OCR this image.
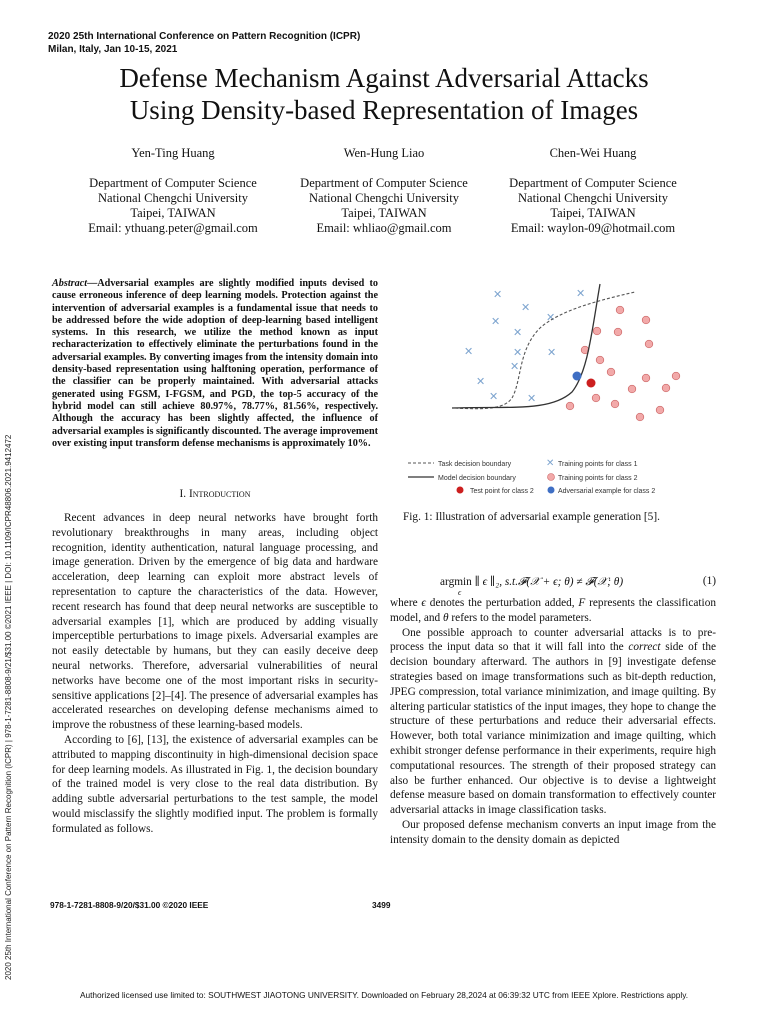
2020 25th International Conference on Pattern Recognition (ICPR)
Milan, Italy, Jan 10-15, 2021
Defense Mechanism Against Adversarial Attacks
Using Density-based Representation of Images
Yen-Ting Huang
Department of Computer Science
National Chengchi University
Taipei, TAIWAN
Email: ythuang.peter@gmail.com
Wen-Hung Liao
Department of Computer Science
National Chengchi University
Taipei, TAIWAN
Email: whliao@gmail.com
Chen-Wei Huang
Department of Computer Science
National Chengchi University
Taipei, TAIWAN
Email: waylon-09@hotmail.com
2020 25th International Conference on Pattern Recognition (ICPR) | 978-1-7281-8808-9/21/$31.00 ©2021 IEEE | DOI: 10.1109/ICPR48806.2021.9412472

Abstract—Adversarial examples are slightly modified inputs devised to cause erroneous inference of deep learning models. Protection against the intervention of adversarial examples is a fundamental issue that needs to be addressed before the wide adoption of deep-learning based intelligent systems. In this research, we utilize the method known as input recharacterization to effectively eliminate the perturbations found in the adversarial examples. By converting images from the intensity domain into density-based representation using halftoning operation, performance of the classifier can be properly maintained. With adversarial attacks generated using FGSM, I-FGSM, and PGD, the top-5 accuracy of the hybrid model can still achieve 80.97%, 78.77%, 81.56%, respectively. Although the accuracy has been slightly affected, the influence of adversarial examples is significantly discounted. The average improvement over existing input transform defense mechanisms is approximately 10%.

I. Introduction

Recent advances in deep neural networks have brought forth revolutionary breakthroughs in many areas, including object recognition, identity authentication, natural language processing, and image generation. Driven by the emergence of big data and hardware acceleration, deep learning can exploit more abstract levels of representation to capture the characteristics of the data. However, recent research has found that deep neural networks are susceptible to adversarial examples [1], which are produced by adding visually imperceptible perturbations to image pixels. Adversarial examples are not easily detectable by humans, but they can easily deceive deep neural networks. Therefore, adversarial vulnerabilities of neural networks have become one of the most important risks in security-sensitive applications [2]–[4]. The presence of adversarial examples has accelerated researches on developing defense mechanisms aimed to improve the robustness of these learning-based models.

According to [6], [13], the existence of adversarial examples can be attributed to mapping discontinuity in high-dimensional decision space for deep learning models. As illustrated in Fig. 1, the decision boundary of the trained model is very close to the real data distribution. By adding subtle adversarial perturbations to the test sample, the model would misclassify the slightly modified input. The problem is formally formulated as follows.

✕	✕
✕
✕	✕
✕
✕	✕ ✕
✕
✕	✕
✕
Task decision boundary
Model decision boundary
Test point for class 2
✕ Training points for class 1
Training points for class 2
Adversarial example for class 2
Fig. 1: Illustration of adversarial example generation [5].
argmin ∥ ϵ ∥₂, s.t.𝓕(𝒳 + ϵ; θ) ≠ 𝓕(𝒳; θ)
ϵ
(1)

where ϵ denotes the perturbation added, F represents the classification model, and θ refers to the model parameters.

One possible approach to counter adversarial attacks is to pre-process the input data so that it will fall into the correct side of the decision boundary afterward. The authors in [9] investigate defense strategies based on image transformations such as bit-depth reduction, JPEG compression, total variance minimization, and image quilting. By altering particular statistics of the input images, they hope to change the structure of these perturbations and reduce their adversarial effects. However, both total variance minimization and image quilting, which exhibit stronger defense performance in their experiments, require high computational resources. The strength of their proposed strategy can also be further enhanced. Our objective is to devise a lightweight defense measure based on domain transformation to effectively counter adversarial attacks in image classification tasks.

Our proposed defense mechanism converts an input image from the intensity domain to the density domain as depicted

978-1-7281-8808-9/20/$31.00 ©2020 IEEE	3499
Authorized licensed use limited to: SOUTHWEST JIAOTONG UNIVERSITY. Downloaded on February 28,2024 at 06:39:32 UTC from IEEE Xplore. Restrictions apply.
